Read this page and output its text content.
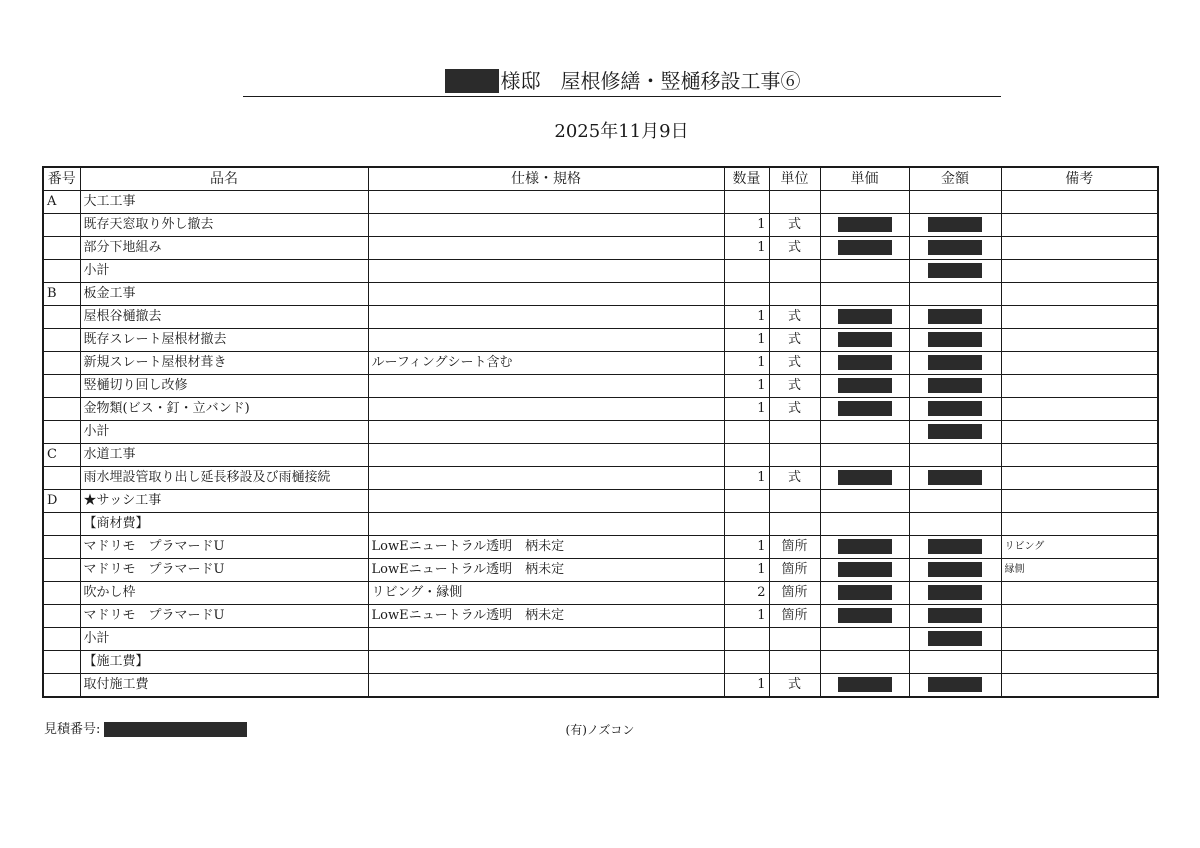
様邸　屋根修繕・竪樋移設工事⑥
2025年11月9日
番号	品名	仕様・規格	数量	単位	単価	金額	備考
A	大工工事						
	既存天窓取り外し撤去		1	式			
	部分下地組み		1	式			
	小計						
B	板金工事						
	屋根谷樋撤去		1	式			
	既存スレート屋根材撤去		1	式			
	新規スレート屋根材葺き	ルーフィングシート含む	1	式			
	竪樋切り回し改修		1	式			
	金物類(ビス・釘・立バンド)		1	式			
	小計						
C	水道工事						
	雨水埋設管取り出し延長移設及び雨樋接続		1	式			
D	★サッシ工事						
	【商材費】						
	マドリモ　プラマードU	LowEニュートラル透明　柄未定	1	箇所			リビング
	マドリモ　プラマードU	LowEニュートラル透明　柄未定	1	箇所			縁側
	吹かし枠	リビング・縁側	2	箇所			
	マドリモ　プラマードU	LowEニュートラル透明　柄未定	1	箇所			
	小計						
	【施工費】						
	取付施工費		1	式			
見積番号:	(有)ノズコン
